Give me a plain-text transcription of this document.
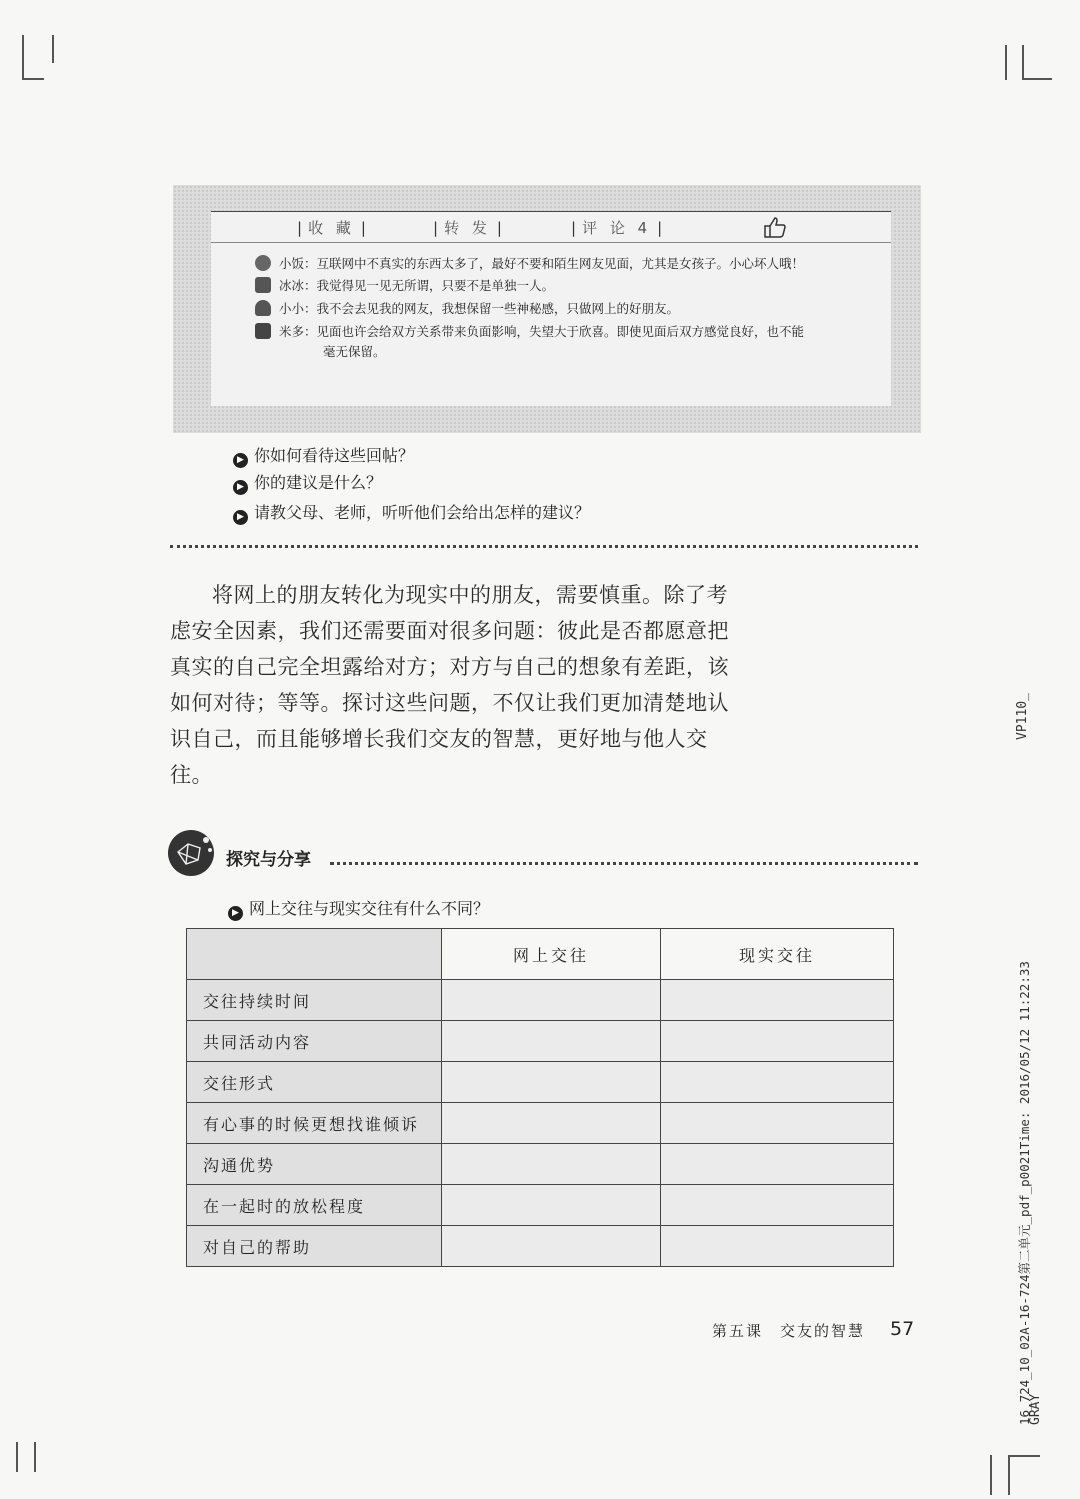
| 收 藏 |	| 转 发 |	| 评 论 4 |
小饭：互联网中不真实的东西太多了，最好不要和陌生网友见面，尤其是女孩子。小心坏人哦！
冰冰：我觉得见一见无所谓，只要不是单独一人。
小小：我不会去见我的网友，我想保留一些神秘感，只做网上的好朋友。
米多：见面也许会给双方关系带来负面影响，失望大于欣喜。即使见面后双方感觉良好，也不能
毫无保留。
▶ 你如何看待这些回帖？
▶ 你的建议是什么？
▶ 请教父母、老师，听听他们会给出怎样的建议？
将网上的朋友转化为现实中的朋友，需要慎重。除了考虑安全因素，我们还需要面对很多问题：彼此是否都愿意把真实的自己完全坦露给对方；对方与自己的想象有差距，该如何对待；等等。探讨这些问题，不仅让我们更加清楚地认识自己，而且能够增长我们交友的智慧，更好地与他人交往。
探究与分享
▶ 网上交往与现实交往有什么不同？
	网上交往	现实交往
交往持续时间		
共同活动内容		
交往形式		
有心事的时候更想找谁倾诉		
沟通优势		
在一起时的放松程度		
对自己的帮助		
第五课　交友的智慧 57
VP110_
16_724_10_02A-16-724第二单元_pdf_p0021Time: 2016/05/12 11:22:33
GRAY
